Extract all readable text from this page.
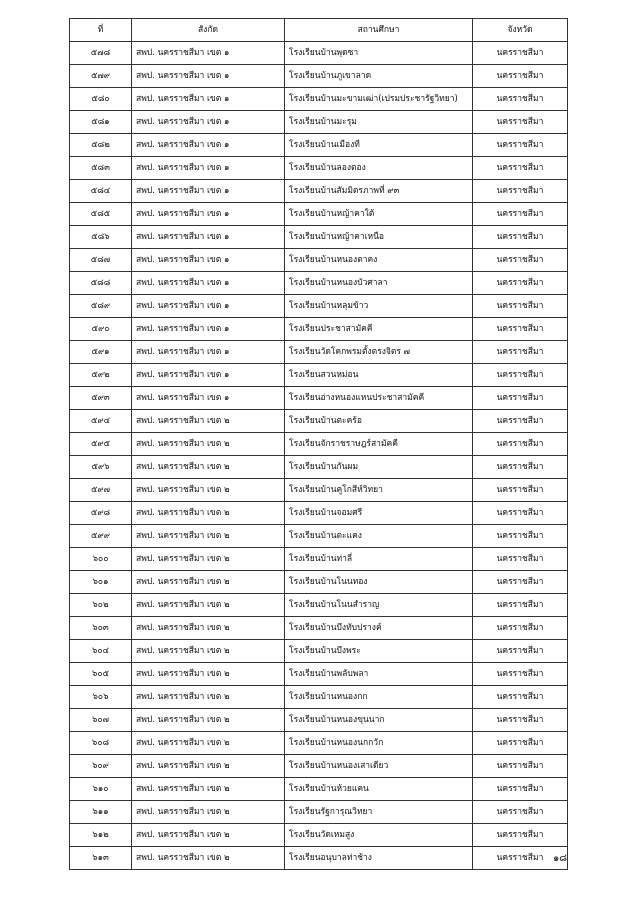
ที่	สังกัด	สถานศึกษา	จังหวัด
๕๗๘	สพป. นครราชสีมา เขต ๑	โรงเรียนบ้านพุดซา	นครราชสีมา
๕๗๙	สพป. นครราชสีมา เขต ๑	โรงเรียนบ้านภูเขาลาด	นครราชสีมา
๕๘๐	สพป. นครราชสีมา เขต ๑	โรงเรียนบ้านมะขามเฒ่า(เปรมประชารัฐวิทยา)	นครราชสีมา
๕๘๑	สพป. นครราชสีมา เขต ๑	โรงเรียนบ้านมะรุม	นครราชสีมา
๕๘๒	สพป. นครราชสีมา เขต ๑	โรงเรียนบ้านเมืองที	นครราชสีมา
๕๘๓	สพป. นครราชสีมา เขต ๑	โรงเรียนบ้านลองตอง	นครราชสีมา
๕๘๔	สพป. นครราชสีมา เขต ๑	โรงเรียนบ้านสัมมิตรภาพที่ ๙๓	นครราชสีมา
๕๘๕	สพป. นครราชสีมา เขต ๑	โรงเรียนบ้านหญ้าคาใต้	นครราชสีมา
๕๘๖	สพป. นครราชสีมา เขต ๑	โรงเรียนบ้านหญ้าคาเหนือ	นครราชสีมา
๕๘๗	สพป. นครราชสีมา เขต ๑	โรงเรียนบ้านหนองตาคง	นครราชสีมา
๕๘๘	สพป. นครราชสีมา เขต ๑	โรงเรียนบ้านหนองบัวศาลา	นครราชสีมา
๕๘๙	สพป. นครราชสีมา เขต ๑	โรงเรียนบ้านหลุมข้าว	นครราชสีมา
๕๙๐	สพป. นครราชสีมา เขต ๑	โรงเรียนประชาสามัคคี	นครราชสีมา
๕๙๑	สพป. นครราชสีมา เขต ๑	โรงเรียนวัดโคกพรมตั้งตรงจิตร ๗	นครราชสีมา
๕๙๒	สพป. นครราชสีมา เขต ๑	โรงเรียนสวนหม่อน	นครราชสีมา
๕๙๓	สพป. นครราชสีมา เขต ๑	โรงเรียนอ่างหนองแหนประชาสามัคคี	นครราชสีมา
๕๙๔	สพป. นครราชสีมา เขต ๒	โรงเรียนบ้านตะคร้อ	นครราชสีมา
๕๙๕	สพป. นครราชสีมา เขต ๒	โรงเรียนจักราชราษฎร์สามัคคี	นครราชสีมา
๕๙๖	สพป. นครราชสีมา เขต ๒	โรงเรียนบ้านกันผม	นครราชสีมา
๕๙๗	สพป. นครราชสีมา เขต ๒	โรงเรียนบ้านคูโกสีห์วิทยา	นครราชสีมา
๕๙๘	สพป. นครราชสีมา เขต ๒	โรงเรียนบ้านจอมศรี	นครราชสีมา
๕๙๙	สพป. นครราชสีมา เขต ๒	โรงเรียนบ้านตะแคง	นครราชสีมา
๖๐๐	สพป. นครราชสีมา เขต ๒	โรงเรียนบ้านท่าลี่	นครราชสีมา
๖๐๑	สพป. นครราชสีมา เขต ๒	โรงเรียนบ้านโนนทอง	นครราชสีมา
๖๐๒	สพป. นครราชสีมา เขต ๒	โรงเรียนบ้านโนนสำราญ	นครราชสีมา
๖๐๓	สพป. นครราชสีมา เขต ๒	โรงเรียนบ้านบึงทับปรางค์	นครราชสีมา
๖๐๔	สพป. นครราชสีมา เขต ๒	โรงเรียนบ้านบึงพระ	นครราชสีมา
๖๐๕	สพป. นครราชสีมา เขต ๒	โรงเรียนบ้านพลับพลา	นครราชสีมา
๖๐๖	สพป. นครราชสีมา เขต ๒	โรงเรียนบ้านหนองกก	นครราชสีมา
๖๐๗	สพป. นครราชสีมา เขต ๒	โรงเรียนบ้านหนองขุนนาก	นครราชสีมา
๖๐๘	สพป. นครราชสีมา เขต ๒	โรงเรียนบ้านหนองนกกวัก	นครราชสีมา
๖๐๙	สพป. นครราชสีมา เขต ๒	โรงเรียนบ้านหนองเสาเดียว	นครราชสีมา
๖๑๐	สพป. นครราชสีมา เขต ๒	โรงเรียนบ้านห้วยแคน	นครราชสีมา
๖๑๑	สพป. นครราชสีมา เขต ๒	โรงเรียนรัฐการุณวิทยา	นครราชสีมา
๖๑๒	สพป. นครราชสีมา เขต ๒	โรงเรียนวัดเหมสูง	นครราชสีมา
๖๑๓	สพป. นครราชสีมา เขต ๒	โรงเรียนอนุบาลท่าช้าง	นครราชสีมา ๑๘
